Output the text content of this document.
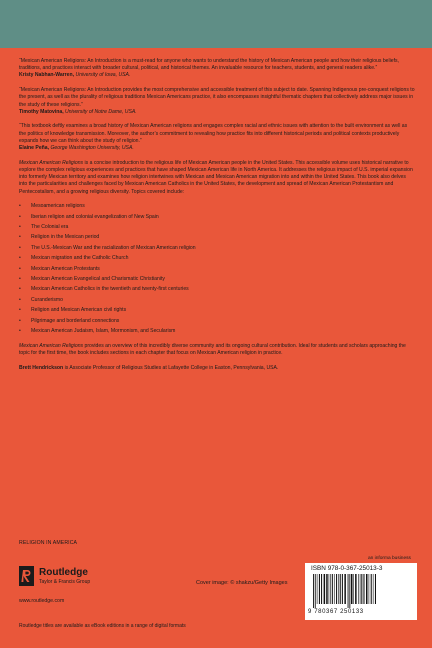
“Mexican American Religions: An Introduction is a must-read for anyone who wants to understand the history of Mexican American people and how their religious beliefs, traditions, and practices interact with broader cultural, political, and historical themes. An invaluable resource for teachers, students, and general readers alike.”
Kristy Nabhan-Warren, University of Iowa, USA.

“Mexican American Religions: An Introduction provides the most comprehensive and accessible treatment of this subject to date. Spanning Indigenous pre-conquest religions to the present, as well as the plurality of religious traditions Mexican Americans practice, it also encompasses insightful thematic chapters that collectively address major issues in the study of these religions.”
Timothy Matovina, University of Notre Dame, USA.

“This textbook deftly examines a broad history of Mexican American religions and engages complex racial and ethnic issues with attention to the built environment as well as the politics of knowledge transmission. Moreover, the author’s commitment to revealing how practice fits into different historical periods and political contexts productively expands how we can think about the study of religion.”
Elaine Peña, George Washington University, USA.

Mexican American Religions is a concise introduction to the religious life of Mexican American people in the United States. This accessible volume uses historical narrative to explore the complex religious experiences and practices that have shaped Mexican American life in North America. It addresses the religious impact of U.S. imperial expansion into formerly Mexican territory and examines how religion intertwines with Mexican and Mexican American migration into and within the United States. This book also delves into the particularities and challenges faced by Mexican American Catholics in the United States, the development and spread of Mexican American Protestantism and Pentecostalism, and a growing religious diversity. Topics covered include:

• Mesoamerican religions
• Iberian religion and colonial evangelization of New Spain
• The Colonial era
• Religion in the Mexican period
• The U.S.-Mexican War and the racialization of Mexican American religion
• Mexican migration and the Catholic Church
• Mexican American Protestants
• Mexican American Evangelical and Charismatic Christianity
• Mexican American Catholics in the twentieth and twenty-first centuries
• Curanderismo
• Religion and Mexican American civil rights
• Pilgrimage and borderland connections
• Mexican American Judaism, Islam, Mormonism, and Secularism

Mexican American Religions provides an overview of this incredibly diverse community and its ongoing cultural contribution. Ideal for students and scholars approaching the topic for the first time, the book includes sections in each chapter that focus on Mexican American religion in practice.

Brett Hendrickson is Associate Professor of Religious Studies at Lafayette College in Easton, Pennsylvania, USA.

RELIGION IN AMERICA
Routledge
Taylor & Francis Group
www.routledge.com
Cover image: © shakzu/Getty Images
an informa business
ISBN 978-0-367-25013-3
9 780367 250133
Routledge titles are available as eBook editions in a range of digital formats
